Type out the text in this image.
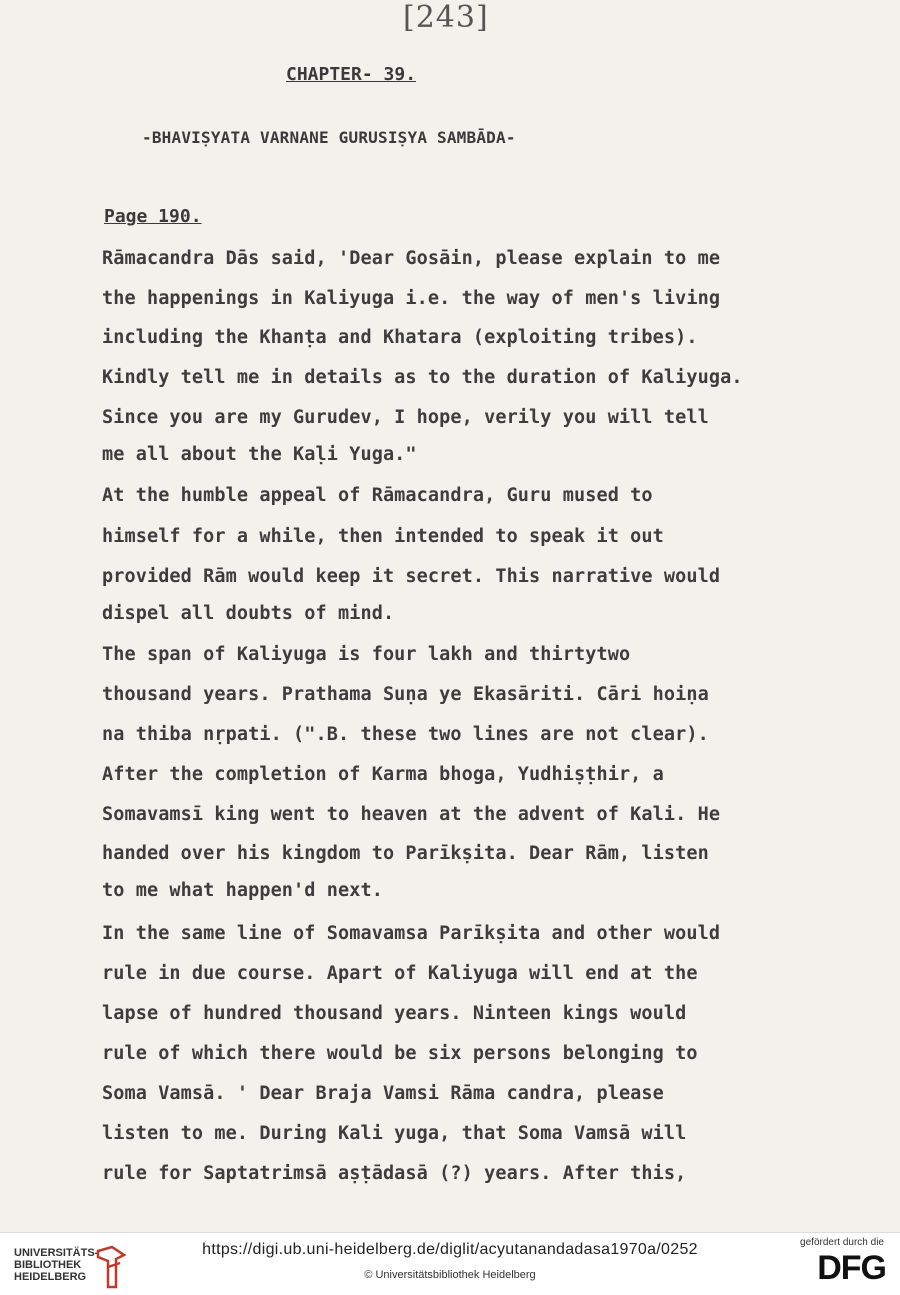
[243]
CHAPTER- 39.
-BHAVIṢYATA VARNANE GURUSIṢYA SAMBĀDA-
Page 190.
Rāmacandra Dās said, 'Dear Gosāin, please explain to me
the happenings in Kaliyuga i.e. the way of men's living
including the Khanṭa and Khatara (exploiting tribes).
Kindly tell me in details as to the duration of Kaliyuga.
Since you are my Gurudev, I hope, verily you will tell
me all about the Kaḷi Yuga."
At the humble appeal of Rāmacandra, Guru mused to
himself for a while, then intended to speak it out
provided Rām would keep it secret. This narrative would
dispel all doubts of mind.
The span of Kaliyuga is four lakh and thirtytwo
thousand years. Prathama Suṇa ye Ekasāriti. Cāri hoiṇa
na thiba nṛpati. (".B. these two lines are not clear).
After the completion of Karma bhoga, Yudhiṣṭhir, a
Somavamsī king went to heaven at the advent of Kali. He
handed over his kingdom to Parīkṣita. Dear Rām, listen
to me what happen'd next.
In the same line of Somavamsa Parīkṣita and other would
rule in due course. Apart of Kaliyuga will end at the
lapse of hundred thousand years. Ninteen kings would
rule of which there would be six persons belonging to
Soma Vamsā. ' Dear Braja Vamsi Rāma candra, please
listen to me. During Kali yuga, that Soma Vamsā will
rule for Saptatrimsā aṣṭādasā (?) years. After this,
UNIVERSITÄTS-
BIBLIOTHEK
HEIDELBERG
https://digi.ub.uni-heidelberg.de/diglit/acyutanandadasa1970a/0252
© Universitätsbibliothek Heidelberg
gefördert durch die
DFG
